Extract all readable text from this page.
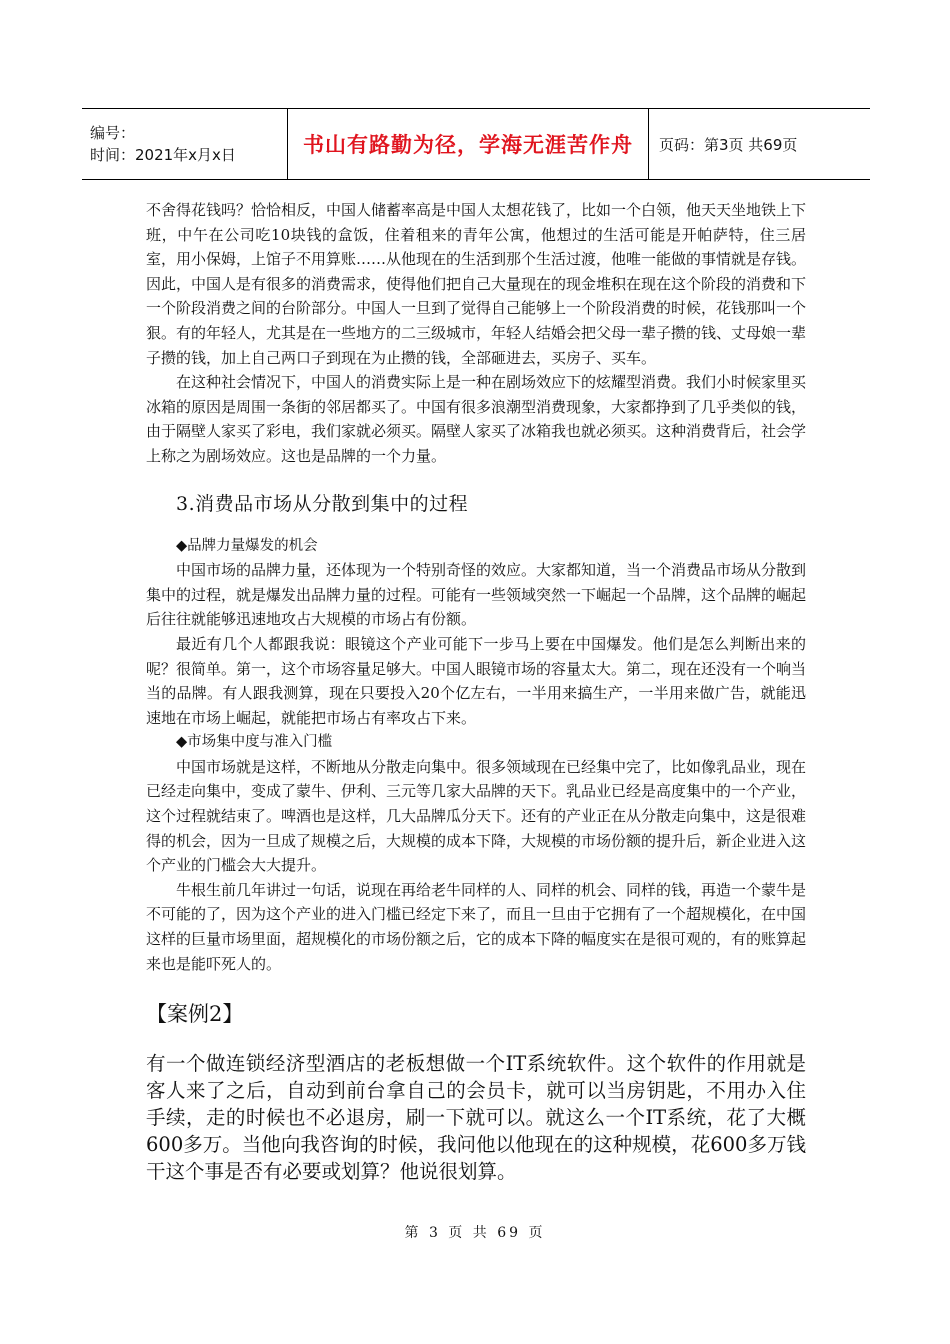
编号：
时间：2021年x月x日	书山有路勤为径，学海无涯苦作舟 页码：第3页 共69页

不舍得花钱吗？恰恰相反，中国人储蓄率高是中国人太想花钱了，比如一个白领，他天天坐地铁上下班，中午在公司吃10块钱的盒饭，住着租来的青年公寓，他想过的生活可能是开帕萨特，住三居室，用小保姆，上馆子不用算账……从他现在的生活到那个生活过渡，他唯一能做的事情就是存钱。因此，中国人是有很多的消费需求，使得他们把自己大量现在的现金堆积在现在这个阶段的消费和下一个阶段消费之间的台阶部分。中国人一旦到了觉得自己能够上一个阶段消费的时候，花钱那叫一个狠。有的年轻人，尤其是在一些地方的二三级城市，年轻人结婚会把父母一辈子攒的钱、丈母娘一辈子攒的钱，加上自己两口子到现在为止攒的钱，全部砸进去，买房子、买车。

在这种社会情况下，中国人的消费实际上是一种在剧场效应下的炫耀型消费。我们小时候家里买冰箱的原因是周围一条街的邻居都买了。中国有很多浪潮型消费现象，大家都挣到了几乎类似的钱，由于隔壁人家买了彩电，我们家就必须买。隔壁人家买了冰箱我也就必须买。这种消费背后，社会学上称之为剧场效应。这也是品牌的一个力量。

3.消费品市场从分散到集中的过程

◆品牌力量爆发的机会

中国市场的品牌力量，还体现为一个特别奇怪的效应。大家都知道，当一个消费品市场从分散到集中的过程，就是爆发出品牌力量的过程。可能有一些领域突然一下崛起一个品牌，这个品牌的崛起后往往就能够迅速地攻占大规模的市场占有份额。

最近有几个人都跟我说：眼镜这个产业可能下一步马上要在中国爆发。他们是怎么判断出来的呢？很简单。第一，这个市场容量足够大。中国人眼镜市场的容量太大。第二，现在还没有一个响当当的品牌。有人跟我测算，现在只要投入20个亿左右，一半用来搞生产，一半用来做广告，就能迅速地在市场上崛起，就能把市场占有率攻占下来。

◆市场集中度与准入门槛

中国市场就是这样，不断地从分散走向集中。很多领域现在已经集中完了，比如像乳品业，现在已经走向集中，变成了蒙牛、伊利、三元等几家大品牌的天下。乳品业已经是高度集中的一个产业，这个过程就结束了。啤酒也是这样，几大品牌瓜分天下。还有的产业正在从分散走向集中，这是很难得的机会，因为一旦成了规模之后，大规模的成本下降，大规模的市场份额的提升后，新企业进入这个产业的门槛会大大提升。

牛根生前几年讲过一句话，说现在再给老牛同样的人、同样的机会、同样的钱，再造一个蒙牛是不可能的了，因为这个产业的进入门槛已经定下来了，而且一旦由于它拥有了一个超规模化，在中国这样的巨量市场里面，超规模化的市场份额之后，它的成本下降的幅度实在是很可观的，有的账算起来也是能吓死人的。

【案例2】

有一个做连锁经济型酒店的老板想做一个IT系统软件。这个软件的作用就是客人来了之后，自动到前台拿自己的会员卡，就可以当房钥匙，不用办入住手续，走的时候也不必退房，刷一下就可以。就这么一个IT系统，花了大概600多万。当他向我咨询的时候，我问他以他现在的这种规模，花600多万钱干这个事是否有必要或划算？他说很划算。

第 3 页 共 69 页
